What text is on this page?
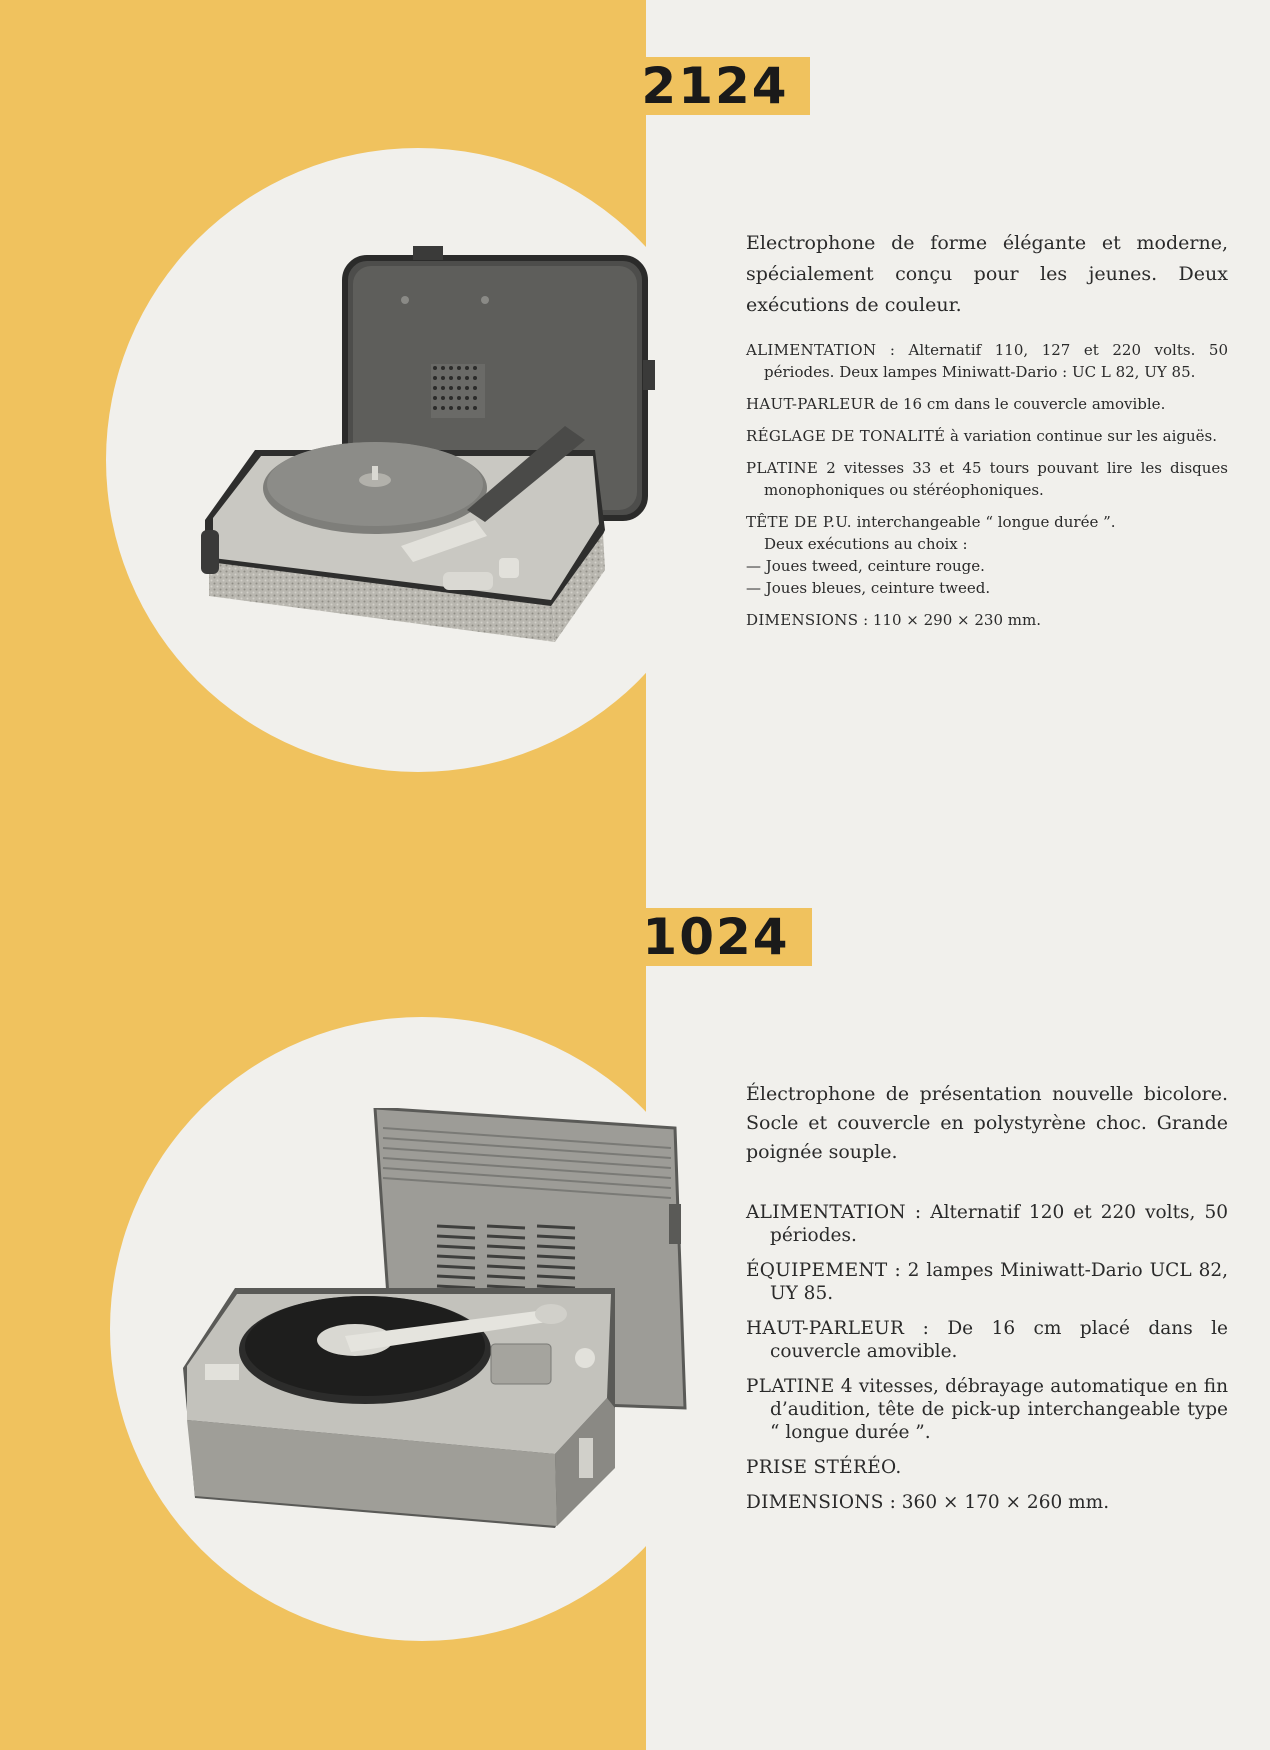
2124

Electrophone de forme élégante et moderne, spécialement conçu pour les jeunes. Deux exécutions de couleur.

ALIMENTATION : Alternatif 110, 127 et 220 volts. 50 périodes. Deux lampes Miniwatt-Dario : UC L 82, UY 85.

HAUT-PARLEUR de 16 cm dans le couvercle amovible.

RÉGLAGE DE TONALITÉ à variation continue sur les aiguës.

PLATINE 2 vitesses 33 et 45 tours pouvant lire les disques monophoniques ou stéréophoniques.

TÊTE DE P.U. interchangeable “ longue durée ”.

Deux exécutions au choix :

— Joues tweed, ceinture rouge.

— Joues bleues, ceinture tweed.

DIMENSIONS : 110 × 290 × 230 mm.

1024

Électrophone de présentation nouvelle bicolore. Socle et couvercle en polystyrène choc. Grande poignée souple.

ALIMENTATION : Alternatif 120 et 220 volts, 50 périodes.

ÉQUIPEMENT : 2 lampes Miniwatt-Dario UCL 82, UY 85.

HAUT-PARLEUR : De 16 cm placé dans le couvercle amovible.

PLATINE 4 vitesses, débrayage automatique en fin d’audition, tête de pick-up interchangeable type “ longue durée ”.

PRISE STÉRÉO.

DIMENSIONS : 360 × 170 × 260 mm.
